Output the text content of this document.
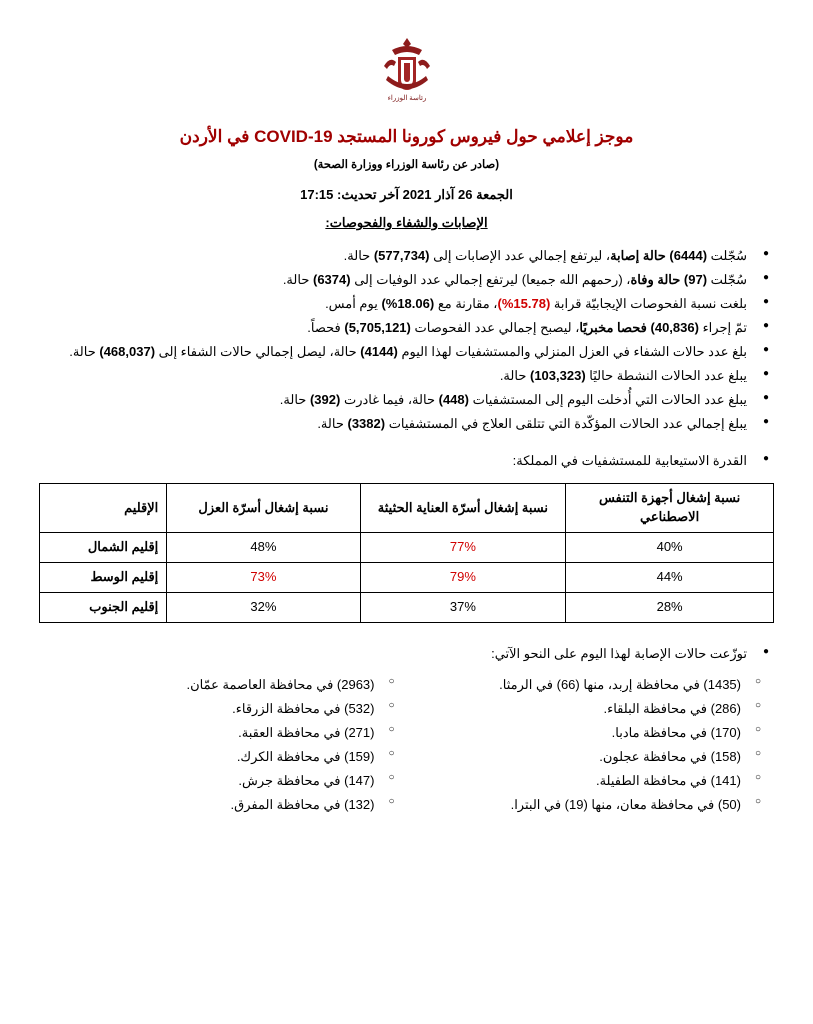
رئاسة الوزراء
موجز إعلامي حول فيروس كورونا المستجد COVID-19 في الأردن
(صادر عن رئاسة الوزراء ووزارة الصحة)
الجمعة 26 آذار 2021 آخر تحديث: 17:15
الإصابات والشفاء والفحوصات:
● سُجّلت (6444) حالة إصابة، ليرتفع إجمالي عدد الإصابات إلى (577,734) حالة.
● سُجّلت (97) حالة وفاة، (رحمهم الله جميعا) ليرتفع إجمالي عدد الوفيات إلى (6374) حالة.
● بلغت نسبة الفحوصات الإيجابيّة قرابة (15.78%)، مقارنة مع (18.06%) يوم أمس.
● تمّ إجراء (40,836) فحصا مخبريًا، ليصبح إجمالي عدد الفحوصات (5,705,121) فحصاً.
● بلغ عدد حالات الشفاء في العزل المنزلي والمستشفيات لهذا اليوم (4144) حالة، ليصل إجمالي حالات الشفاء إلى (468,037) حالة.
● يبلغ عدد الحالات النشطة حاليًا (103,323) حالة.
● يبلغ عدد الحالات التي أُدخلت اليوم إلى المستشفيات (448) حالة، فيما غادرت (392) حالة.
● يبلغ إجمالي عدد الحالات المؤكّدة التي تتلقى العلاج في المستشفيات (3382) حالة.
● القدرة الاستيعابية للمستشفيات في المملكة:
نسبة إشغال أجهزة التنفس الاصطناعي	نسبة إشغال أسرّة العناية الحثيثة	نسبة إشغال أسرّة العزل	الإقليم
40%	77%	48%	إقليم الشمال
44%	79%	73%	إقليم الوسط
28%	37%	32%	إقليم الجنوب
● توزّعت حالات الإصابة لهذا اليوم على النحو الآتي:
○ (1435) في محافظة إربد، منها (66) في الرمثا.
○ (286) في محافظة البلقاء.
○ (170) في محافظة مادبا.
○ (158) في محافظة عجلون.
○ (141) في محافظة الطفيلة.
○ (50) في محافظة معان، منها (19) في البترا.
○ (2963) في محافظة العاصمة عمّان.
○ (532) في محافظة الزرقاء.
○ (271) في محافظة العقبة.
○ (159) في محافظة الكرك.
○ (147) في محافظة جرش.
○ (132) في محافظة المفرق.
